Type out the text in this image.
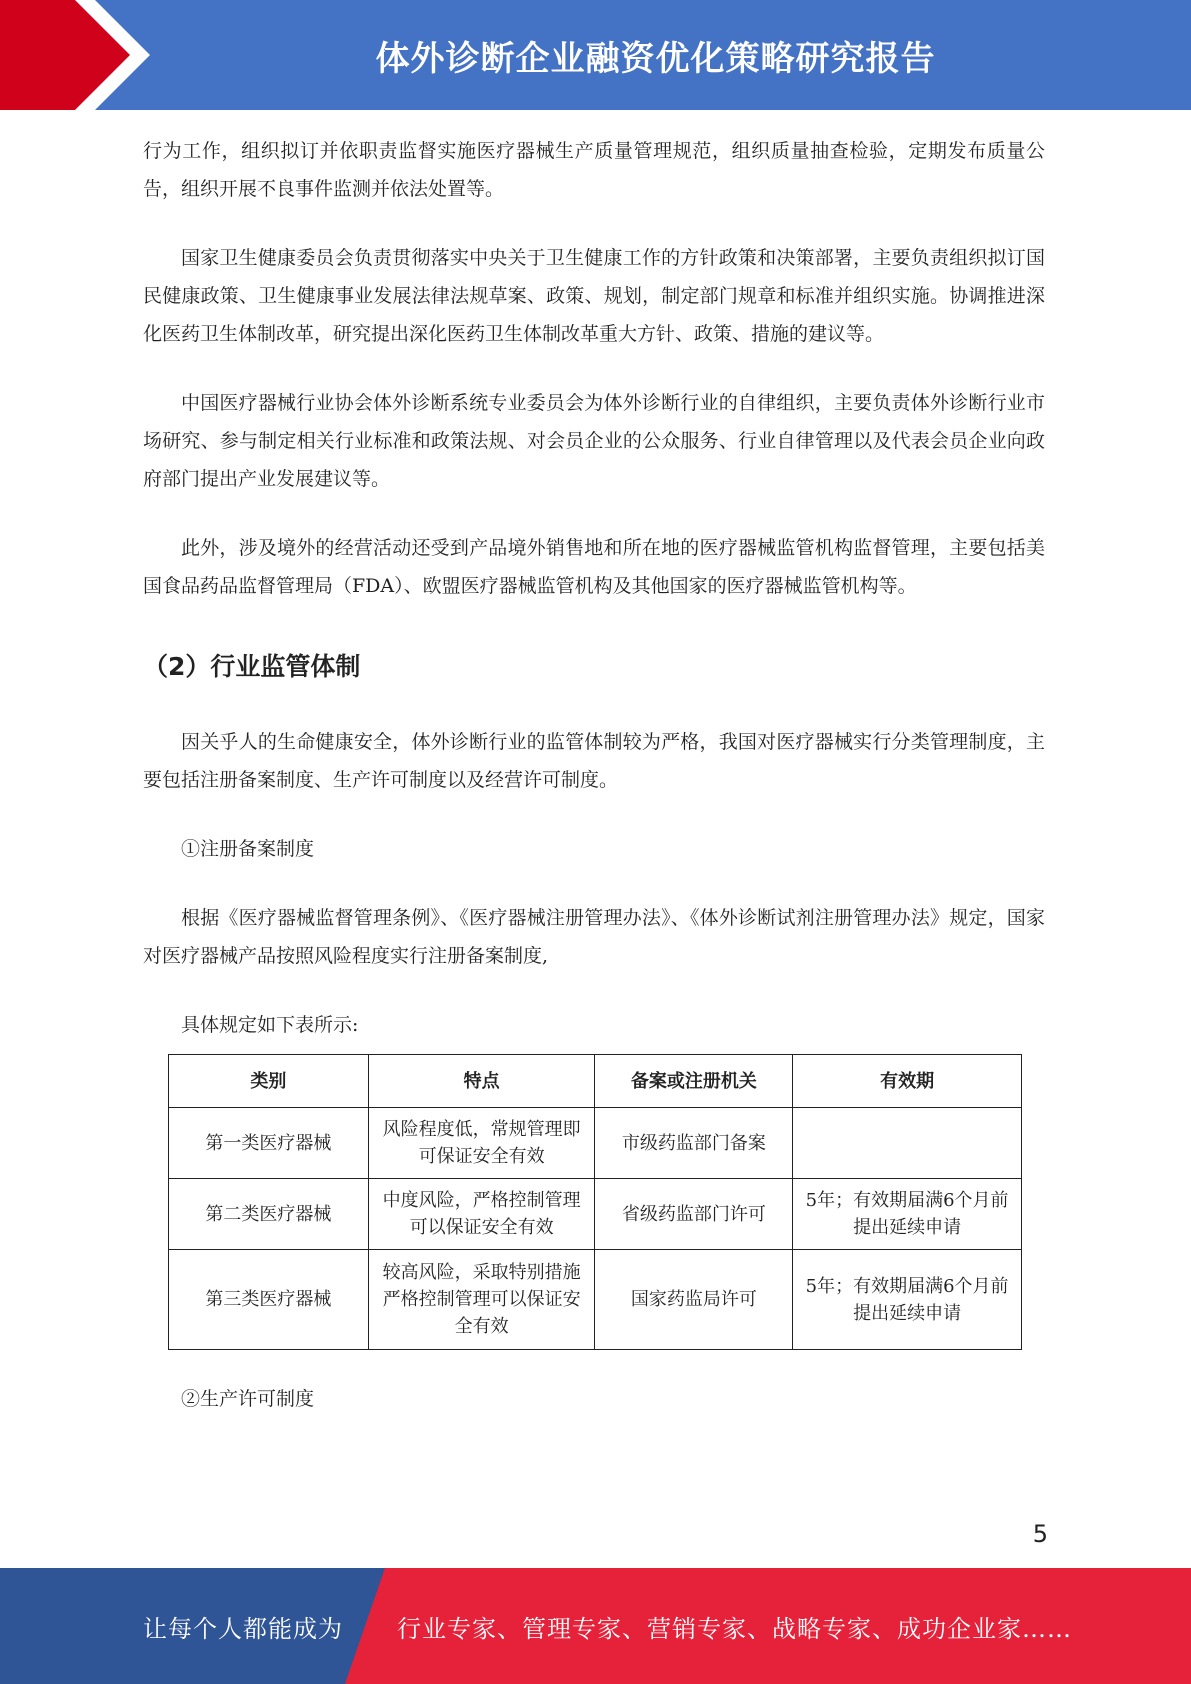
体外诊断企业融资优化策略研究报告

行为工作，组织拟订并依职责监督实施医疗器械生产质量管理规范，组织质量抽查检验，定期发布质量公告，组织开展不良事件监测并依法处置等。

国家卫生健康委员会负责贯彻落实中央关于卫生健康工作的方针政策和决策部署，主要负责组织拟订国民健康政策、卫生健康事业发展法律法规草案、政策、规划，制定部门规章和标准并组织实施。协调推进深化医药卫生体制改革，研究提出深化医药卫生体制改革重大方针、政策、措施的建议等。

中国医疗器械行业协会体外诊断系统专业委员会为体外诊断行业的自律组织，主要负责体外诊断行业市场研究、参与制定相关行业标准和政策法规、对会员企业的公众服务、行业自律管理以及代表会员企业向政府部门提出产业发展建议等。

此外，涉及境外的经营活动还受到产品境外销售地和所在地的医疗器械监管机构监督管理，主要包括美国食品药品监督管理局（FDA）、欧盟医疗器械监管机构及其他国家的医疗器械监管机构等。

（2）行业监管体制

因关乎人的生命健康安全，体外诊断行业的监管体制较为严格，我国对医疗器械实行分类管理制度，主要包括注册备案制度、生产许可制度以及经营许可制度。

①注册备案制度

根据《医疗器械监督管理条例》、《医疗器械注册管理办法》、《体外诊断试剂注册管理办法》规定，国家对医疗器械产品按照风险程度实行注册备案制度,

具体规定如下表所示:

类别	特点	备案或注册机关	有效期
第一类医疗器械	风险程度低，常规管理即可保证安全有效	市级药监部门备案	
第二类医疗器械	中度风险，严格控制管理可以保证安全有效	省级药监部门许可	5年；有效期届满6个月前提出延续申请
第三类医疗器械	较高风险，采取特别措施严格控制管理可以保证安全有效	国家药监局许可	5年；有效期届满6个月前提出延续申请

②生产许可制度

5
让每个人都能成为 行业专家、管理专家、营销专家、战略专家、成功企业家……
